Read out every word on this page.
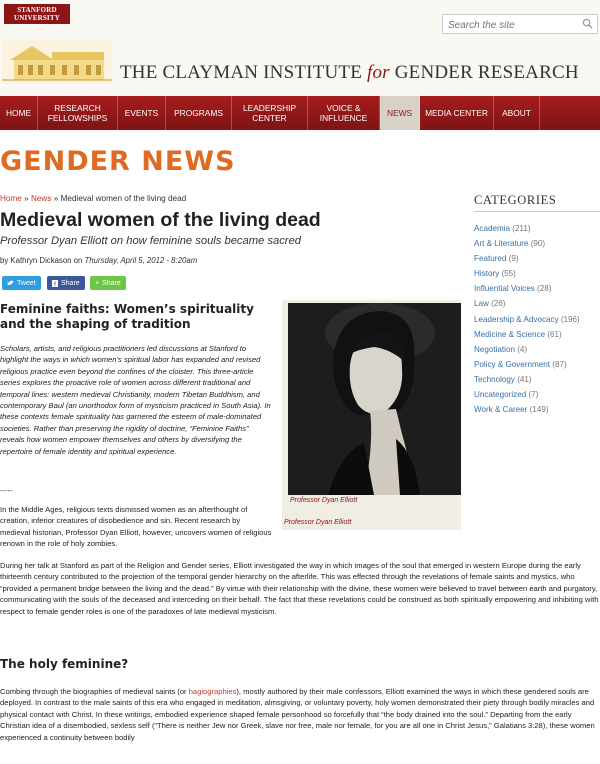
STANFORD UNIVERSITY
Search the site
THE CLAYMAN INSTITUTE for GENDER RESEARCH
HOME	RESEARCH FELLOWSHIPS	EVENTS	PROGRAMS	LEADERSHIP CENTER
VOICE & INFLUENCE	NEWS	MEDIA CENTER	ABOUT
GENDER NEWS
Home » News » Medieval women of the living dead
Medieval women of the living dead
Professor Dyan Elliott on how feminine souls became sacred
by Kathryn Dickason on Thursday, April 5, 2012 - 8:20am
Tweet	f Share + Share
Feminine faiths: Women’s spirituality and the shaping of tradition

Scholars, artists, and religious practitioners led discussions at Stanford to highlight the ways in which women’s spiritual labor has expanded and revised religious practice even beyond the confines of the cloister. This three-article series explores the proactive role of women across different traditional and temporal lines: western medieval Christianity, modern Tibetan Buddhism, and contemporary Baul (an unorthodox form of mysticism practiced in South Asia). In these contexts female spirituality has garnered the esteem of male-dominated societies. Rather than preserving the rigidity of doctrine, “Feminine Faiths” reveals how women empower themselves and others by diversifying the repertoire of female identity and spiritual experience.

-----

In the Middle Ages, religious texts dismissed women as an afterthought of creation, inferior creatures of disobedience and sin. Recent research by medieval historian, Professor Dyan Elliott, however, uncovers women of religious renown in the role of holy zombies.

During her talk at Stanford as part of the Religion and Gender series, Elliott investigated the way in which images of the soul that emerged in western Europe during the early thirteenth century contributed to the projection of the temporal gender hierarchy on the afterlife. This was effected through the revelations of female saints and mystics, who “provided a permanent bridge between the living and the dead.” By virtue with their relationship with the divine, these women were believed to travel between earth and purgatory, communicating with the souls of the deceased and interceding on their behalf. The fact that these revelations could be construed as both spiritually empowering and inhibiting with respect to female gender roles is one of the paradoxes of late medieval mysticism.

The holy feminine?

Combing through the biographies of medieval saints (or hagiographies), mostly authored by their male confessors, Elliott examined the ways in which these gendered souls are deployed. In contrast to the male saints of this era who engaged in meditation, almsgiving, or voluntary poverty, holy women demonstrated their piety through bodily miracles and physical contact with Christ. In these writings, embodied experience shaped female personhood so forcefully that “the body drained into the soul.” Departing from the early Christian idea of a disembodied, sexless self (“There is neither Jew nor Greek, slave nor free, male nor female, for you are all one in Christ Jesus,” Galatians 3:28), these women experienced a continuity between bodily

Professor Dyan Elliott
Professor Dyan Elliott
CATEGORIES
Academia (211)
Art & Literature (90)
Featured (9)
History (55)
Influential Voices (28)
Law (26)
Leadership & Advocacy (196)
Medicine & Science (61)
Negotiation (4)
Policy & Government (87)
Technology (41)
Uncategorized (7)
Work & Career (149)
